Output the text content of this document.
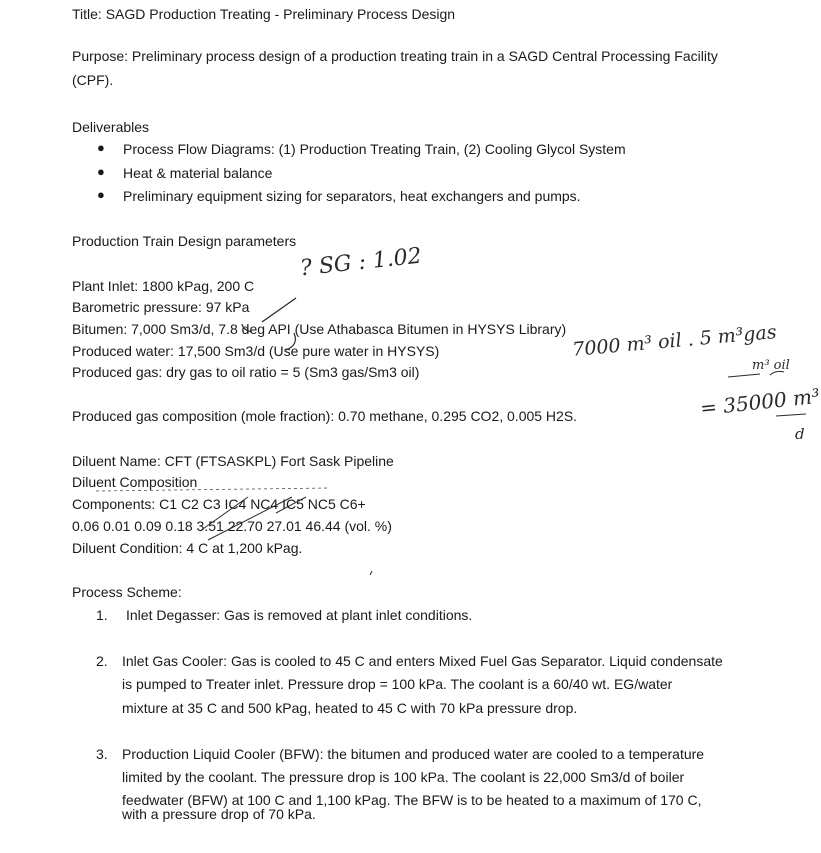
Title: SAGD Production Treating - Preliminary Process Design
Purpose: Preliminary process design of a production treating train in a SAGD Central Processing Facility
(CPF).
Deliverables
● Process Flow Diagrams: (1) Production Treating Train, (2) Cooling Glycol System
● Heat & material balance
● Preliminary equipment sizing for separators, heat exchangers and pumps.
Production Train Design parameters
Plant Inlet: 1800 kPag, 200 C
Barometric pressure: 97 kPa
Bitumen: 7,000 Sm3/d, 7.8 deg API (Use Athabasca Bitumen in HYSYS Library)
Produced water: 17,500 Sm3/d (Use pure water in HYSYS)
Produced gas: dry gas to oil ratio = 5 (Sm3 gas/Sm3 oil)
Produced gas composition (mole fraction): 0.70 methane, 0.295 CO2, 0.005 H2S.
Diluent Name: CFT (FTSASKPL) Fort Sask Pipeline
Diluent Composition
Components: C1 C2 C3 IC4 NC4 IC5 NC5 C6+
0.06 0.01 0.09 0.18 3.51 22.70 27.01 46.44 (vol. %)
Diluent Condition: 4 C at 1,200 kPag.
Process Scheme:
1. Inlet Degasser: Gas is removed at plant inlet conditions.
2. Inlet Gas Cooler: Gas is cooled to 45 C and enters Mixed Fuel Gas Separator. Liquid condensate
is pumped to Treater inlet. Pressure drop = 100 kPa. The coolant is a 60/40 wt. EG/water
mixture at 35 C and 500 kPag, heated to 45 C with 70 kPa pressure drop.
3. Production Liquid Cooler (BFW): the bitumen and produced water are cooled to a temperature
limited by the coolant. The pressure drop is 100 kPa. The coolant is 22,000 Sm3/d of boiler
feedwater (BFW) at 100 C and 1,100 kPag. The BFW is to be heated to a maximum of 170 C,
with a pressure drop of 70 kPa.
? SG : 1.02
7000 m³ oil . 5 m³gas
m³ oil
= 35000 m³
d
